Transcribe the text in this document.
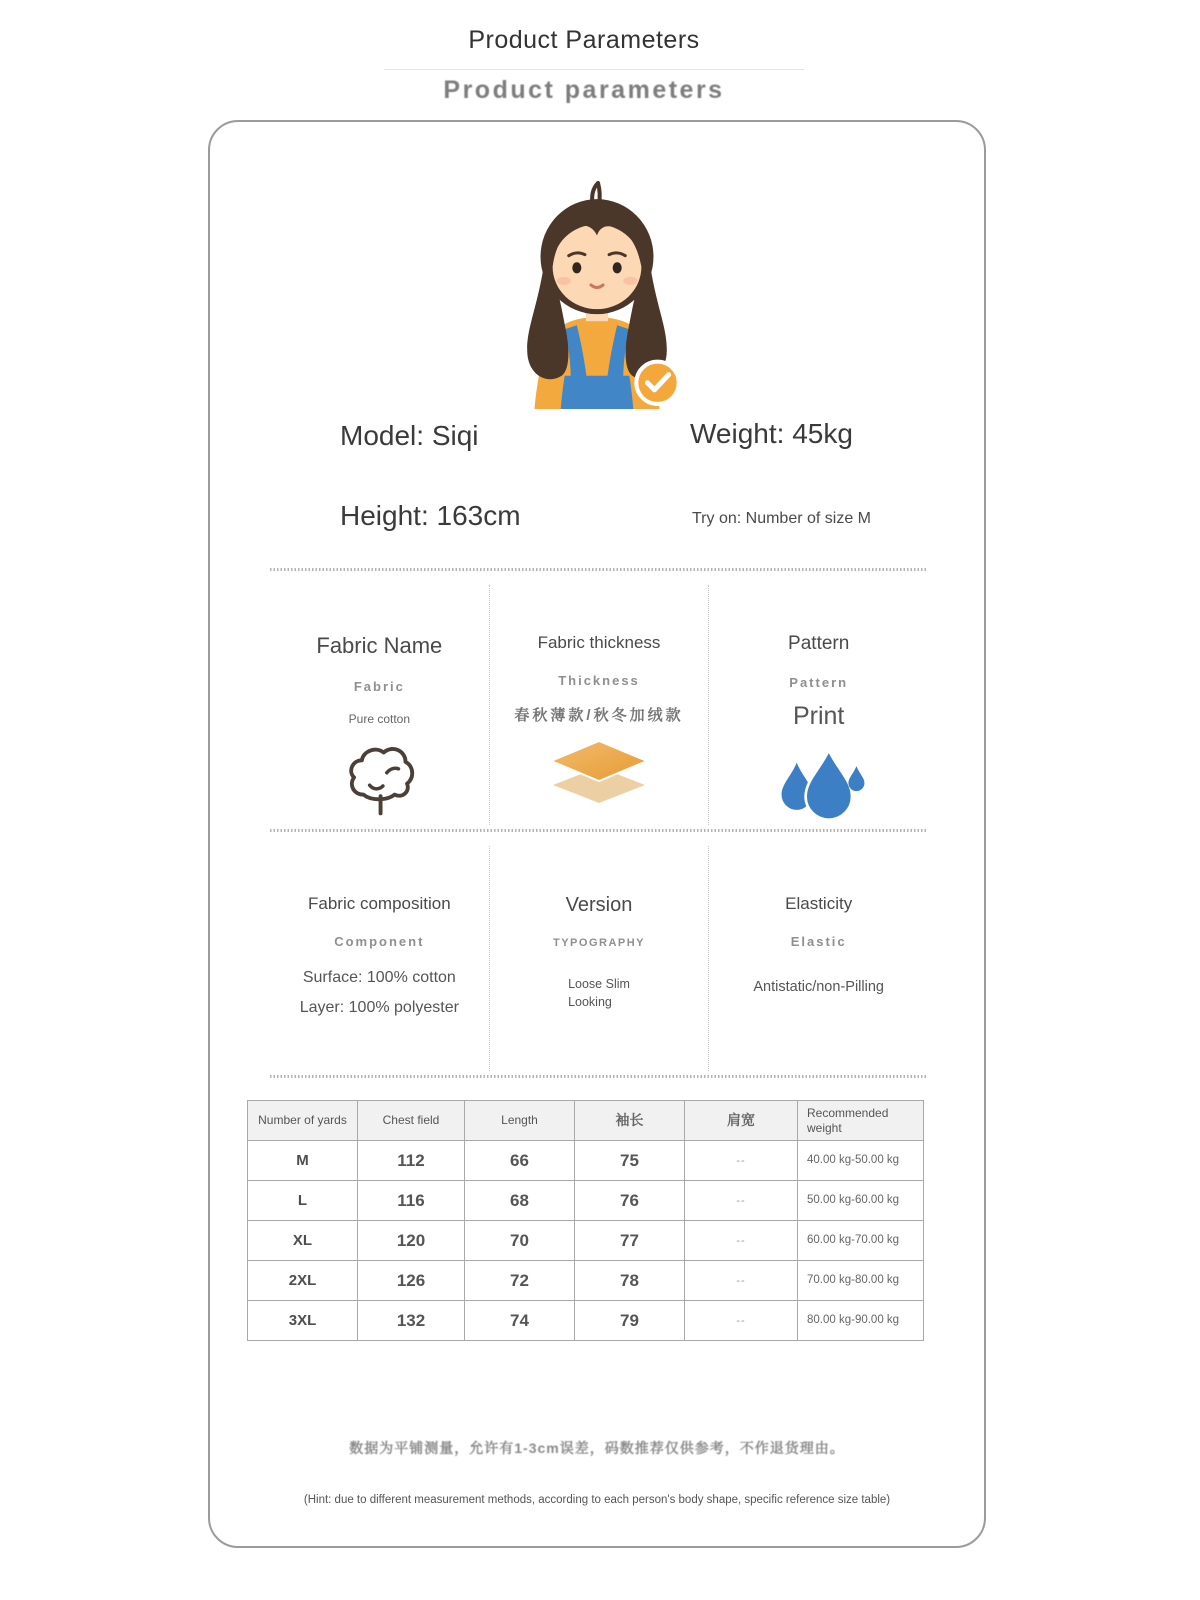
Product Parameters
Product parameters
Model: Siqi	Weight: 45kg
Height: 163cm	Try on: Number of size M
Fabric Name
Fabric
Pure cotton
Fabric thickness
Thickness
春秋薄款/秋冬加绒款
Pattern
Pattern
Print
Fabric composition
Component
Surface: 100% cotton
Layer: 100% polyester
Version
TYPOGRAPHY
Loose Slim
Looking
Elasticity
Elastic
Antistatic/non-Pilling
Number of yards	Chest field	Length	袖长	肩宽	Recommended weight
M	112	66	75	--	40.00 kg-50.00 kg
L	116	68	76	--	50.00 kg-60.00 kg
XL	120	70	77	--	60.00 kg-70.00 kg
2XL	126	72	78	--	70.00 kg-80.00 kg
3XL	132	74	79	--	80.00 kg-90.00 kg
数据为平铺测量，允许有1-3cm误差，码数推荐仅供参考，不作退货理由。
(Hint: due to different measurement methods, according to each person's body shape, specific reference size table)
